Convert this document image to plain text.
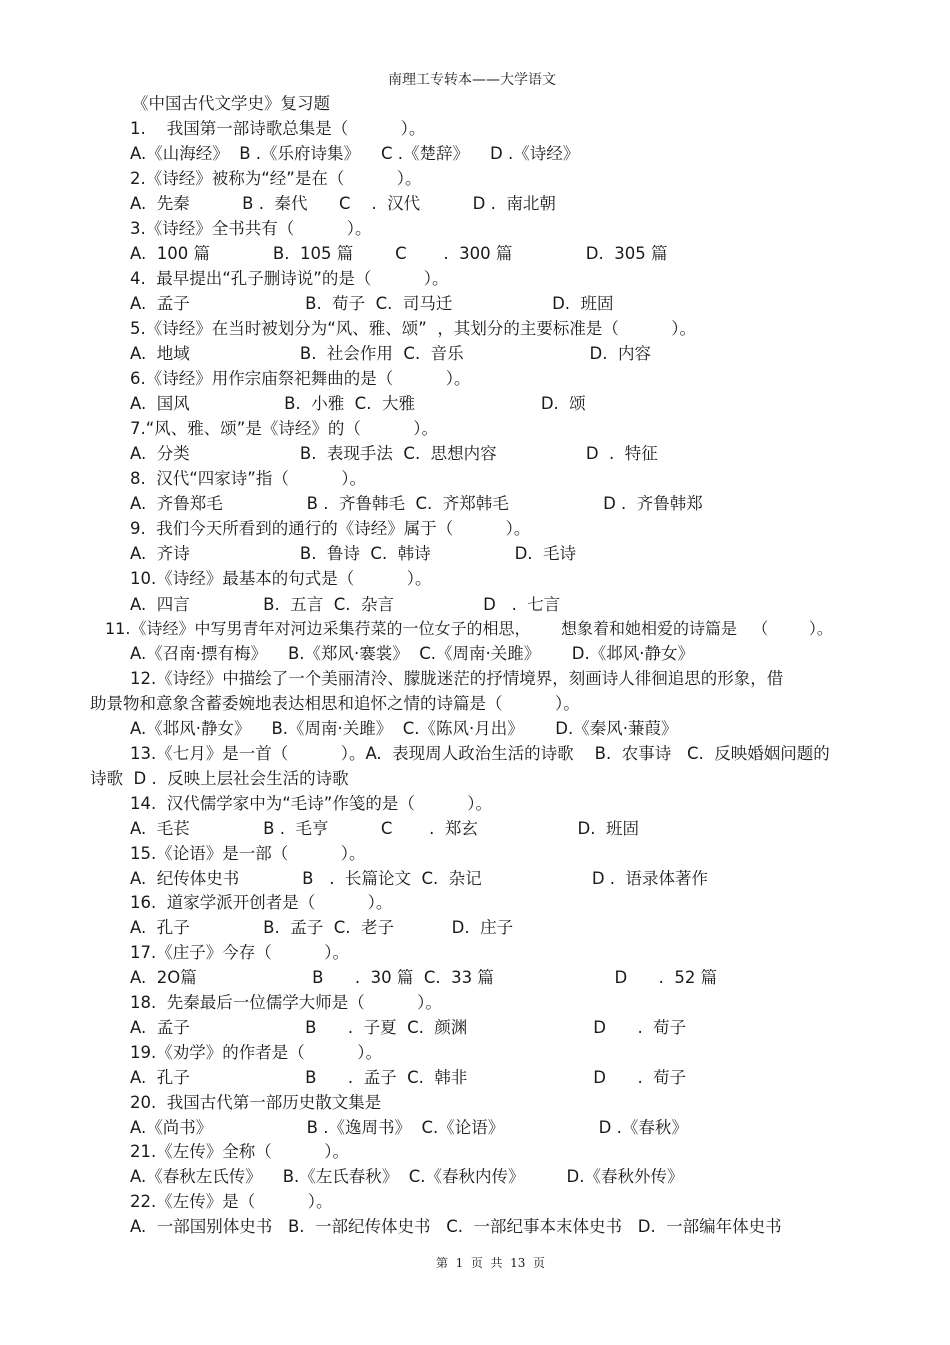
南理工专转本——大学语文
《中国古代文学史》复习题
1.    我国第一部诗歌总集是（          ）。
A.《山海经》  B .《乐府诗集》    C .《楚辞》    D .《诗经》
2.《诗经》被称为“经”是在（          ）。
A.  先秦          B .  秦代      C    .  汉代          D .  南北朝
3.《诗经》全书共有（          ）。
A.  100 篇            B.  105 篇        C       .  300 篇              D.  305 篇
4.  最早提出“孔子删诗说”的是（          ）。
A.  孟子                      B.  荀子  C.  司马迁                   D.  班固
5.《诗经》在当时被划分为“风、雅、颂”  ，其划分的主要标准是（          ）。
A.  地域                     B.  社会作用  C.  音乐                        D.  内容
6.《诗经》用作宗庙祭祀舞曲的是（          ）。
A.  国风                  B.  小雅  C.  大雅                        D.  颂
7.“风、雅、颂”是《诗经》的（          ）。
A.  分类                     B.  表现手法  C.  思想内容                 D  .  特征
8.  汉代“四家诗”指（          ）。
A.  齐鲁郑毛                B .  齐鲁韩毛  C.  齐郑韩毛                  D .  齐鲁韩郑
9.  我们今天所看到的通行的《诗经》属于（          ）。
A.  齐诗                     B.  鲁诗  C.  韩诗                D.  毛诗
10.《诗经》最基本的句式是（          ）。
A.  四言              B.  五言  C.  杂言                 D   .  七言
11.《诗经》中写男青年对河边采集荇菜的一位女子的相思，      想象着和她相爱的诗篇是   （        ）。
A.《召南·摽有梅》    B.《郑风·褰裳》  C.《周南·关雎》      D.《邶风·静女》
12.《诗经》中描绘了一个美丽清泠、朦胧迷茫的抒情境界，刻画诗人徘徊追思的形象，借
助景物和意象含蓄委婉地表达相思和追怀之情的诗篇是（          ）。
A.《邶风·静女》    B.《周南·关雎》  C.《陈风·月出》      D.《秦风·蒹葭》
13.《七月》是一首（          ）。A.  表现周人政治生活的诗歌    B.  农事诗   C.  反映婚姻问题的
诗歌  D .  反映上层社会生活的诗歌
14.  汉代儒学家中为“毛诗”作笺的是（          ）。
A.  毛苌              B .  毛亨          C       .  郑玄                   D.  班固
15.《论语》是一部（          ）。
A.  纪传体史书            B   .  长篇论文  C.  杂记                     D .  语录体著作
16.  道家学派开创者是（          ）。
A.  孔子              B.  孟子  C.  老子           D.  庄子
17.《庄子》今存（          ）。
A.  2O篇                      B      .  30 篇  C.  33 篇                       D      .  52 篇
18.  先秦最后一位儒学大师是（          ）。
A.  孟子                      B      .  子夏  C.  颜渊                        D      .  荀子
19.《劝学》的作者是（          ）。
A.  孔子                      B      .  孟子  C.  韩非                        D      .  荀子
20.  我国古代第一部历史散文集是
A.《尚书》                  B .《逸周书》  C.《论语》                  D .《春秋》
21.《左传》全称（          ）。
A.《春秋左氏传》    B.《左氏春秋》  C.《春秋内传》        D.《春秋外传》
22.《左传》是（          ）。
A.  一部国别体史书   B.  一部纪传体史书   C.  一部纪事本末体史书   D.  一部编年体史书
第  1  页  共  13  页
